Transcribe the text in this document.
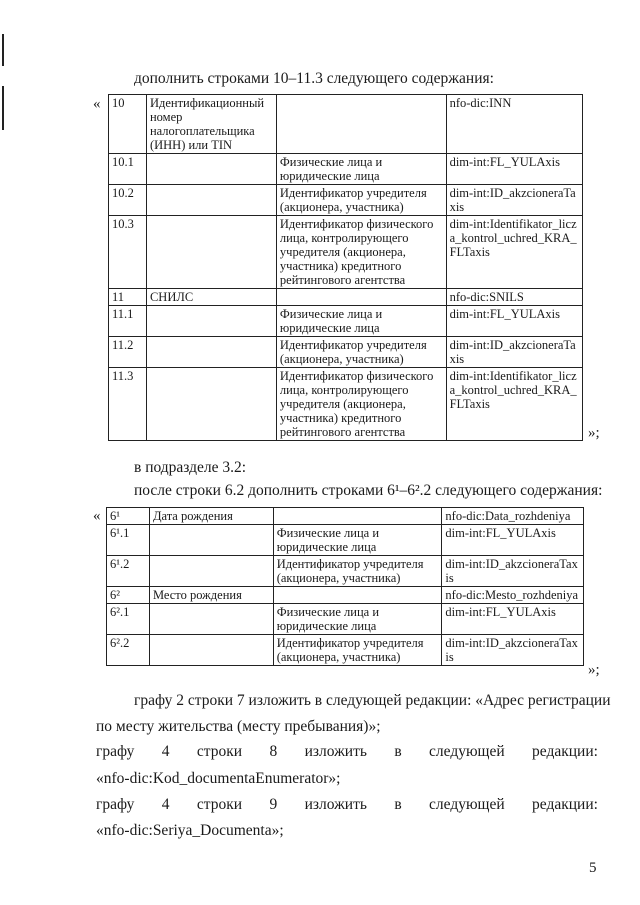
дополнить строками 10–11.3 следующего содержания:
« 10	Идентификационный номер налогоплательщика (ИНН) или TIN		nfo-dic:INN
10.1		Физические лица и юридические лица	dim-int:FL_YULAxis
10.2		Идентификатор учредителя (акционера, участника)	dim-int:ID_akzcioneraTaxis
10.3		Идентификатор физического лица, контролирующего учредителя (акционера, участника) кредитного рейтингового агентства	dim-int:Identifikator_licza_kontrol_uchred_KRA_FLTaxis
11	СНИЛС		nfo-dic:SNILS
11.1		Физические лица и юридические лица	dim-int:FL_YULAxis
11.2		Идентификатор учредителя (акционера, участника)	dim-int:ID_akzcioneraTaxis
11.3		Идентификатор физического лица, контролирующего учредителя (акционера, участника) кредитного рейтингового агентства	dim-int:Identifikator_licza_kontrol_uchred_KRA_FLTaxis
»;
в подразделе 3.2:
после строки 6.2 дополнить строками 6¹–6².2 следующего содержания:
« 6¹	Дата рождения		nfo-dic:Data_rozhdeniya
6¹.1		Физические лица и юридические лица	dim-int:FL_YULAxis
6¹.2		Идентификатор учредителя (акционера, участника)	dim-int:ID_akzcioneraTaxis
6²	Место рождения		nfo-dic:Mesto_rozhdeniya
6².1		Физические лица и юридические лица	dim-int:FL_YULAxis
6².2		Идентификатор учредителя (акционера, участника)	dim-int:ID_akzcioneraTaxis
»;
графу 2 строки 7 изложить в следующей редакции: «Адрес регистрации
по месту жительства (месту пребывания)»;
графу 4 строки 8 изложить в следующей редакции:
«nfo-dic:Kod_documentaEnumerator»;
графу 4 строки 9 изложить в следующей редакции:
«nfo-dic:Seriya_Documenta»;
5
